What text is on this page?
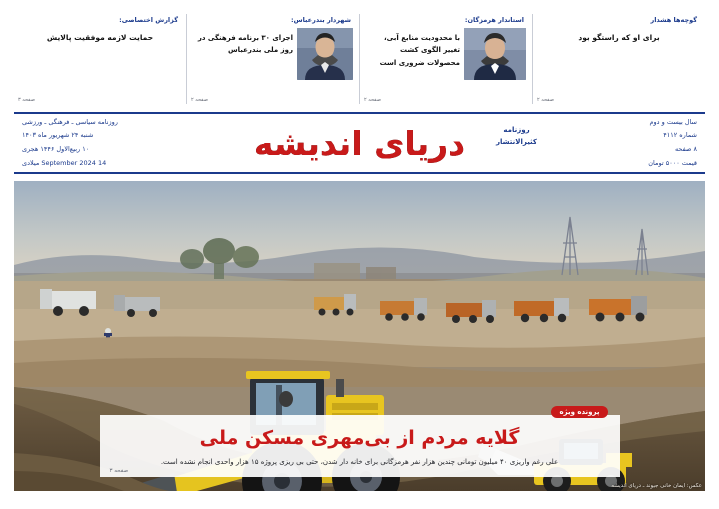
گوچه‌ها هشدار
برای او که راستگو بود
صفحه ۲
استاندار هرمزگان:
با محدودیت منابع آبی، تغییر الگوی کشت محصولات ضروری است
صفحه ۲
شهردار بندرعباس:
اجرای ۳۰ برنامه فرهنگی در روز ملی بندرعباس
صفحه ۲
گزارش اختصاصی:
حمایت لازمه موفقیت پالایش
صفحه ۳
سال بیست و دوم
شماره ۴۱۱۲
۸ صفحه
قیمت ۵۰۰۰ تومان
روزنامه
کثیرالانتشار
دریای اندیشه
روزنامه سیاسی ـ فرهنگی ـ ورزشی
شنبه ۲۴ شهریور ماه ۱۴۰۳
۱۰ ربیع‌الاول ۱۴۴۶ هجری
14 September 2024 میلادی
پرونده ویژه
گلایه مردم از بی‌مهری مسکن ملی
علی رغم واریزی ۴۰ میلیون تومانی چندین هزار نفر هرمزگانی برای خانه دار شدن، حتی بی ریزی پروژه ۱۵ هزار واحدی انجام نشده است.
صفحه ۳
عکس: ایمان خانی جیوند ـ دریای اندیشه
